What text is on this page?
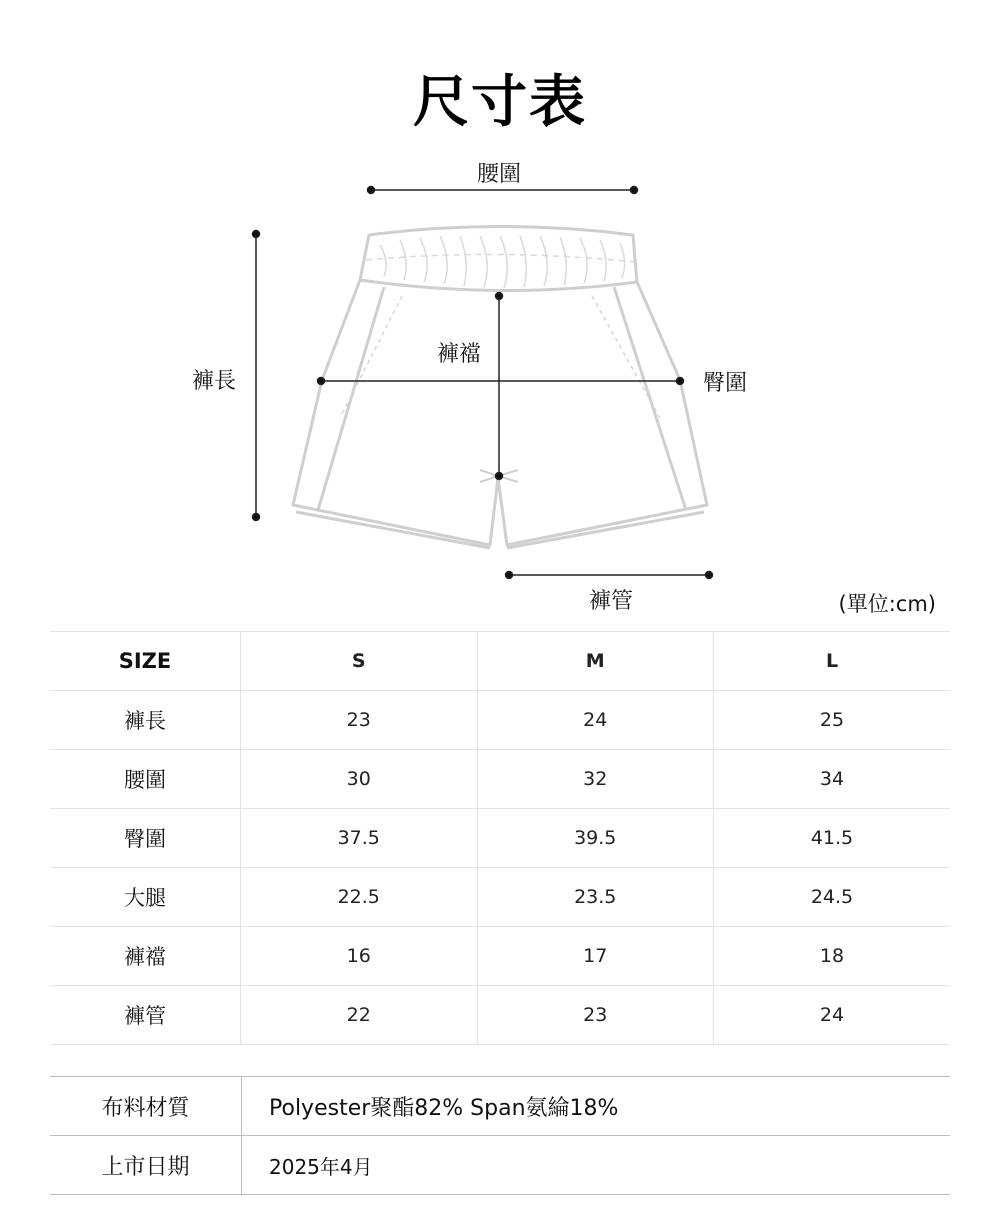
尺寸表
腰圍
褲長
褲襠
臀圍
褲管	(單位:cm)
SIZE	S	M	L
褲長	23	24	25
腰圍	30	32	34
臀圍	37.5	39.5	41.5
大腿	22.5	23.5	24.5
褲襠	16	17	18
褲管	22	23	24
布料材質	Polyester聚酯82% Span氨綸18%
上市日期	2025年4月
